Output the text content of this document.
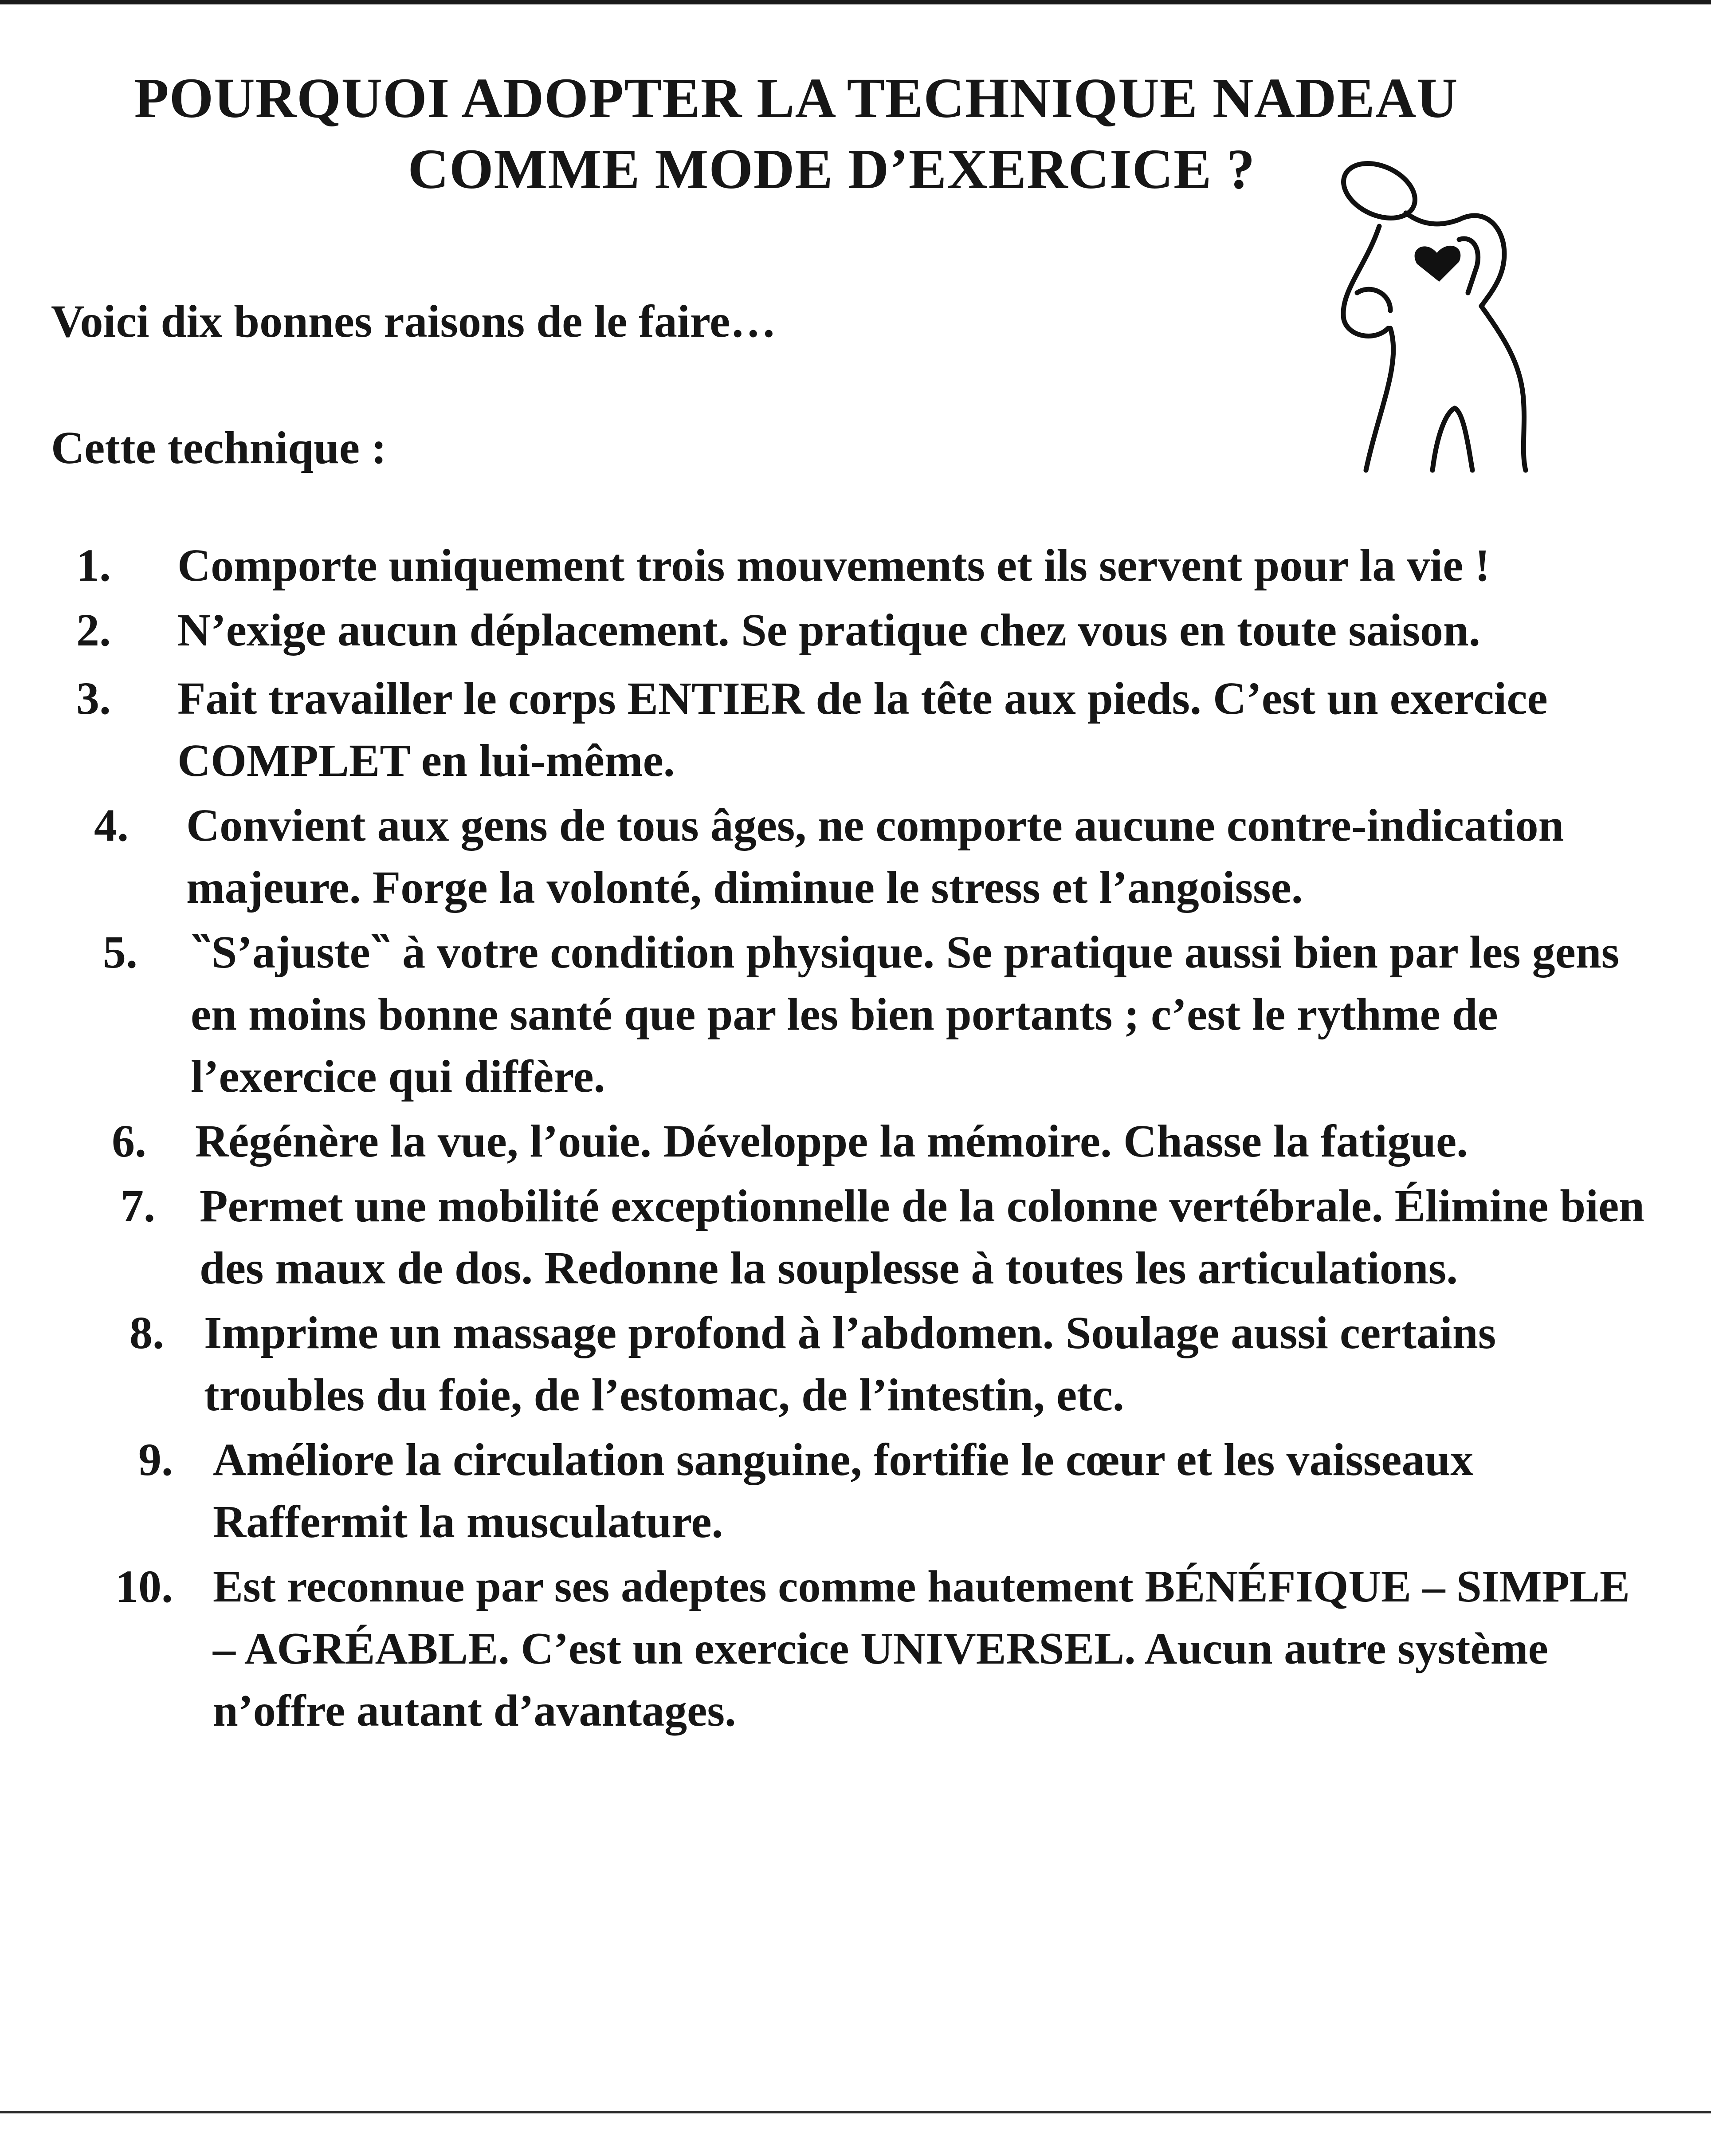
POURQUOI ADOPTER LA TECHNIQUE NADEAU
COMME MODE D’EXERCICE ?
Voici dix bonnes raisons de le faire…
Cette technique :
1.	Comporte uniquement trois mouvements et ils servent pour la vie !
2.	N’exige aucun déplacement. Se pratique chez vous en toute saison.
3.	Fait travailler le corps ENTIER de la tête aux pieds. C’est un exercice COMPLET en lui-même.
4.	Convient aux gens de tous âges, ne comporte aucune contre-indication majeure. Forge la volonté, diminue le stress et l’angoisse.
5.	‶S’ajuste‶ à votre condition physique. Se pratique aussi bien par les gens en moins bonne santé que par les bien portants ; c’est le rythme de l’exercice qui diffère.
6.	Régénère la vue, l’ouie. Développe la mémoire. Chasse la fatigue.
7. Permet une mobilité exceptionnelle de la colonne vertébrale. Élimine bien des maux de dos. Redonne la souplesse à toutes les articulations.
8. Imprime un massage profond à l’abdomen. Soulage aussi certains troubles du foie, de l’estomac, de l’intestin, etc.
9. Améliore la circulation sanguine, fortifie le cœur et les vaisseaux Raffermit la musculature.
10. Est reconnue par ses adeptes comme hautement BÉNÉFIQUE – SIMPLE – AGRÉABLE. C’est un exercice UNIVERSEL. Aucun autre système n’offre autant d’avantages.
